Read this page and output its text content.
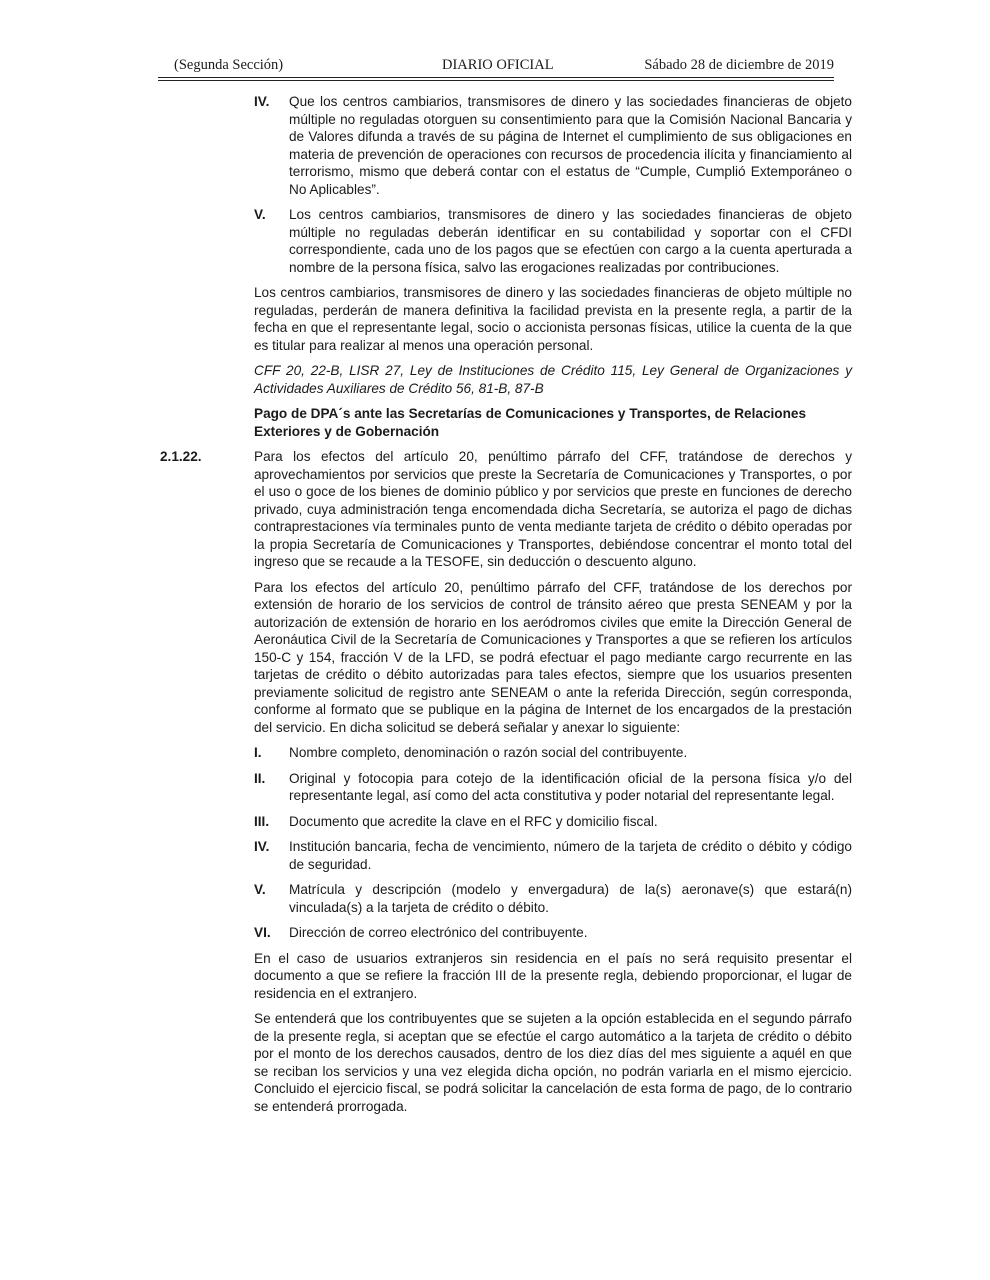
(Segunda Sección)	DIARIO OFICIAL	Sábado 28 de diciembre de 2019
IV.	Que los centros cambiarios, transmisores de dinero y las sociedades financieras de objeto múltiple no reguladas otorguen su consentimiento para que la Comisión Nacional Bancaria y de Valores difunda a través de su página de Internet el cumplimiento de sus obligaciones en materia de prevención de operaciones con recursos de procedencia ilícita y financiamiento al terrorismo, mismo que deberá contar con el estatus de “Cumple, Cumplió Extemporáneo o No Aplicables”.
V.	Los centros cambiarios, transmisores de dinero y las sociedades financieras de objeto múltiple no reguladas deberán identificar en su contabilidad y soportar con el CFDI correspondiente, cada uno de los pagos que se efectúen con cargo a la cuenta aperturada a nombre de la persona física, salvo las erogaciones realizadas por contribuciones.

Los centros cambiarios, transmisores de dinero y las sociedades financieras de objeto múltiple no reguladas, perderán de manera definitiva la facilidad prevista en la presente regla, a partir de la fecha en que el representante legal, socio o accionista personas físicas, utilice la cuenta de la que es titular para realizar al menos una operación personal.

CFF 20, 22-B, LISR 27, Ley de Instituciones de Crédito 115, Ley General de Organizaciones y Actividades Auxiliares de Crédito 56, 81-B, 87-B

Pago de DPA´s ante las Secretarías de Comunicaciones y Transportes, de Relaciones Exteriores y de Gobernación

2.1.22.	Para los efectos del artículo 20, penúltimo párrafo del CFF, tratándose de derechos y aprovechamientos por servicios que preste la Secretaría de Comunicaciones y Transportes, o por el uso o goce de los bienes de dominio público y por servicios que preste en funciones de derecho privado, cuya administración tenga encomendada dicha Secretaría, se autoriza el pago de dichas contraprestaciones vía terminales punto de venta mediante tarjeta de crédito o débito operadas por la propia Secretaría de Comunicaciones y Transportes, debiéndose concentrar el monto total del ingreso que se recaude a la TESOFE, sin deducción o descuento alguno.

Para los efectos del artículo 20, penúltimo párrafo del CFF, tratándose de los derechos por extensión de horario de los servicios de control de tránsito aéreo que presta SENEAM y por la autorización de extensión de horario en los aeródromos civiles que emite la Dirección General de Aeronáutica Civil de la Secretaría de Comunicaciones y Transportes a que se refieren los artículos 150-C y 154, fracción V de la LFD, se podrá efectuar el pago mediante cargo recurrente en las tarjetas de crédito o débito autorizadas para tales efectos, siempre que los usuarios presenten previamente solicitud de registro ante SENEAM o ante la referida Dirección, según corresponda, conforme al formato que se publique en la página de Internet de los encargados de la prestación del servicio. En dicha solicitud se deberá señalar y anexar lo siguiente:

I.	Nombre completo, denominación o razón social del contribuyente.
II.	Original y fotocopia para cotejo de la identificación oficial de la persona física y/o del representante legal, así como del acta constitutiva y poder notarial del representante legal.
III.	Documento que acredite la clave en el RFC y domicilio fiscal.
IV.	Institución bancaria, fecha de vencimiento, número de la tarjeta de crédito o débito y código de seguridad.
V.	Matrícula y descripción (modelo y envergadura) de la(s) aeronave(s) que estará(n) vinculada(s) a la tarjeta de crédito o débito.
VI.	Dirección de correo electrónico del contribuyente.

En el caso de usuarios extranjeros sin residencia en el país no será requisito presentar el documento a que se refiere la fracción III de la presente regla, debiendo proporcionar, el lugar de residencia en el extranjero.

Se entenderá que los contribuyentes que se sujeten a la opción establecida en el segundo párrafo de la presente regla, si aceptan que se efectúe el cargo automático a la tarjeta de crédito o débito por el monto de los derechos causados, dentro de los diez días del mes siguiente a aquél en que se reciban los servicios y una vez elegida dicha opción, no podrán variarla en el mismo ejercicio. Concluido el ejercicio fiscal, se podrá solicitar la cancelación de esta forma de pago, de lo contrario se entenderá prorrogada.
